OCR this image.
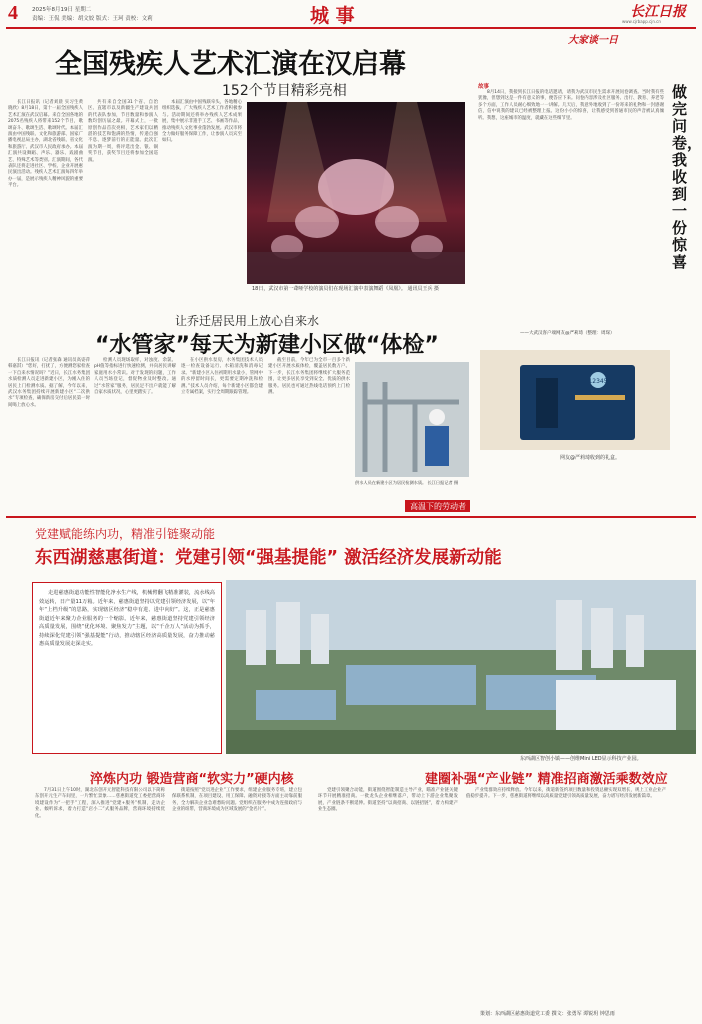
4	2025年8月19日 星期二
责编：王侃 美编：胡文姣 版式：王珂 责校：文莉	城 事	长江日报
www.cjrbapp.cjn.cn
全国残疾人艺术汇演在汉启幕
152个节目精彩亮相

长江日报讯（记者刘晨 实习生黄晓欣）8月18日，第十一届全国残疾人艺术汇演在武汉启幕。来自全国各地的2075名残疾人将带来152个节目，歌颂奋斗、歌颂生活、歌颂时代。本届汇演由中国残联、文化和旅游部、国家广播电视总局主办，湖北省残联、省文化和旅游厅、武汉市人民政府承办。本届汇演共设舞蹈、声乐、器乐、戏剧曲艺、特殊艺术等类别。汇演期间，各代表队还将走进社区、学校、企业开展惠民演出活动。残疾人艺术汇演每四年举办一届，是展示残疾人精神风貌的重要平台。

共有来自全国31个省、自治区、直辖市以及新疆生产建设兵团的代表队参加，节目数量和参演人数均创历届之最。开幕式上，一批原创作品首次亮相，艺术家们以精湛的技艺和饱满的热情，传递自强不息、逐梦前行的正能量。此次汇演为期一周，将评选出金、银、铜奖节目，获奖节目还将参加全国巡演。

本届汇演由中国残联牵头，各地精心组织选拔，广大残疾人艺术工作者积极参与。活动期间还将举办残疾人艺术成果展，集中展示非遗手工艺、书画等作品，推动残疾人文化事业蓬勃发展。武汉市将全力做好服务保障工作，让参演人员宾至如归。

18日，武汉市第一聋哑学校的演员们在现场汇演中表演舞蹈《凤凰》。 通讯员王兵 摄
大家谈一日
做完问卷，我收到一份惊喜
故事

8月14日，我接到长江日报的电话邀请，请我为武汉市民生需求开展问卷调查。当时我有些犹豫，但想到这是一件有意义的事，便答应下来。问卷内容涉及社区服务、出行、教育、养老等多个方面，工作人员耐心细致地一一讲解。几天后，我意外地收到了一份寄来的礼物和一封感谢信，信中说我的建议已经被整理上报。这份小小的惊喜，让我感受到普通市民的声音被认真倾听。我想，这座城市的温度，就藏在这些细节里。

——大武汉客户端网友@严莉琦（整理：周琛）
12345
网友@严莉琦收到的礼盒。
让乔迁居民用上放心自来水
“水管家”每天为新建小区做“体检”

长江日报讯（记者张森 通讯员高姿萍 韩嘉淇）“您好，打扰了，方便测您家检查一下自来水情况吗？”近日，长江水务集团水质检测人员走进新建小区，为刚入住的居民上门检测水质。据了解，今年以来，武汉水务集团持续开展新建小区“二次供水”专项检查，确保新房交付后居民第一时间喝上放心水。

检测人员现场取样，对浊度、余氯、pH值等指标进行快速检测，并向居民讲解家庭用水小常识。对于发现的问题，工作人员当场登记，督促物业及时整改。通过“水管家”服务，居民足不出户就能了解自家水质状况，心里更踏实了。

在小区供水泵房，水务集团技术人员逐一检查设备运行、水箱清洗和消毒记录。“新建小区入住初期用水量小，管网中的水停留时间长，更需要定期冲洗和检测。”技术人员介绍，每个新建小区都会建立专属档案，实行全周期跟踪管理。

截至目前，今年已为全市一百多个新建小区开展水质体检，覆盖居民数万户。下一步，长江水务集团将继续扩大服务范围，让更多居民享受到安全、优质的供水服务。居民也可通过热线电话预约上门检测。

供水人员在新建小区为居民检测水质。 长江日报记者 摄
高温下的劳动者
党建赋能练内功，精准引链聚动能
东西湖慈惠街道：党建引领“强基提能” 激活经济发展新动能

走进慈惠街道功能性智能化净水生产线，机械臂翻飞精准灌装，流水线高效运转，日产量11万箱。近年来，慈惠街道坚持以党建引领经济发展，以“年年“上档升级”的思路，实现辖区经济“稳中有进、进中向好”。这，正是慈惠街道近年来聚力企业服务的一个缩影。近年来，慈惠街道坚持党建引领经济高质量发展，围绕“优化环境、聚焦发力”主题，以“千企万人”活动为抓手，持续深化党建引领“强基提能”行动，推动辖区经济高质量发展，奋力推动慈惠高质量发展走深走实。

东西湖区智创小镇——创维Mini LED显示科技产业园。
淬炼内功 锻造营商“软实力”硬内核	建圈补强“产业链” 精准招商激活乘数效应

7月31日上午10时，湖北东创开元智能科技有限公司以下简称东创开元生产车间里，一片繁忙景象……慈惠街道党工委把营商环境建设作为“一把手”工程，深入推进“党建+服务”机制，走访企业、倾听诉求，着力打造“店小二”式服务品牌，营商环境持续优化。

街道按照“党员进企业”工作要求，组建企业服务专班，建立包保联系机制，在项目建设、用工保障、融资对接等方面主动靠前服务，全力解决企业急难愁盼问题。党组织在服务中成为连接政府与企业的纽带，营商环境成为区域发展的“金名片”。

党建引领聚合动能，街道围绕智能制造主导产业，瞄准产业链关键环节开展精准招商。一批龙头企业相继落户，带动上下游企业集聚发展，产业链条不断延伸。街道坚持“以商招商、以链招链”，着力构建产业生态圈。

产业集群效应持续释放。今年以来，街道新签约项目数量和投资总额实现双增长，规上工业企业产值稳步提升。下一步，慈惠街道将继续以高质量党建引领高质量发展，奋力谱写经济发展新篇章。

策划：东西湖区慈惠街道党工委 撰文：张勇军 谭锐玥 钟思雨
